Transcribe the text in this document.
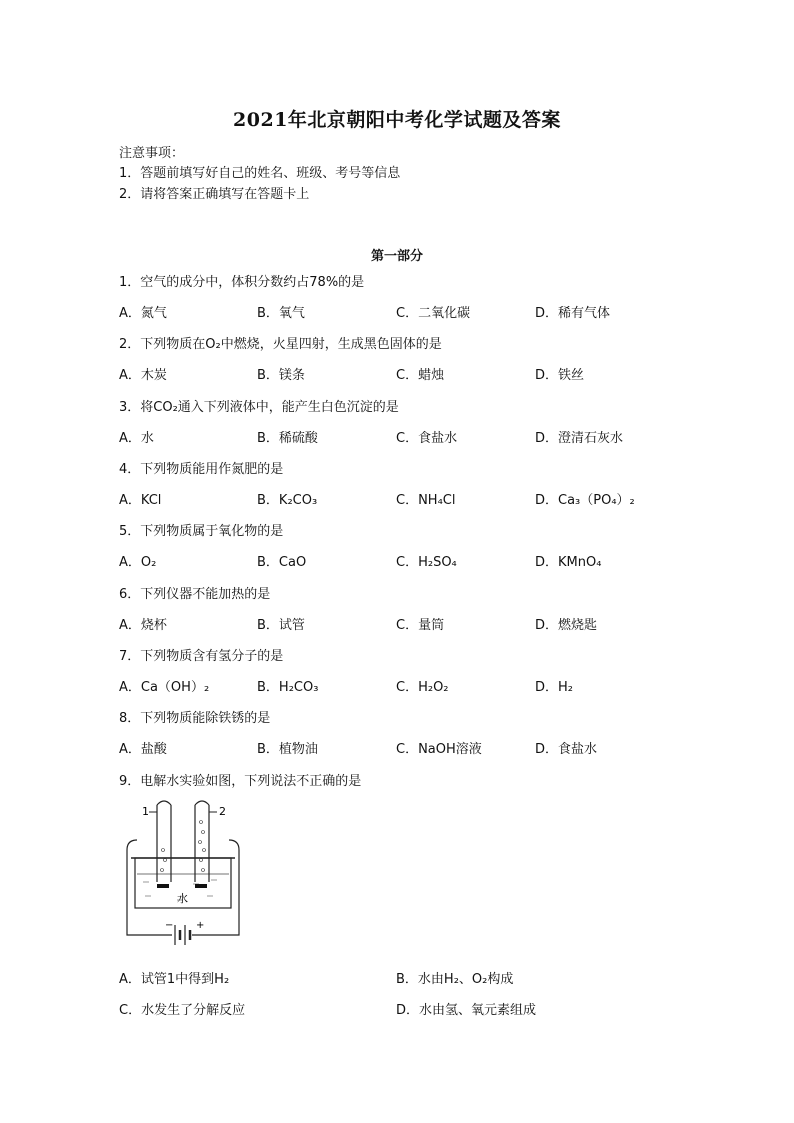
2021年北京朝阳中考化学试题及答案
注意事项：
1．答题前填写好自己的姓名、班级、考号等信息
2．请将答案正确填写在答题卡上
第一部分
1．空气的成分中，体积分数约占78%的是
A．氮气	B．氧气	C．二氧化碳	D．稀有气体
2．下列物质在O₂中燃烧，火星四射，生成黑色固体的是
A．木炭	B．镁条	C．蜡烛	D．铁丝
3．将CO₂通入下列液体中，能产生白色沉淀的是
A．水	B．稀硫酸	C．食盐水	D．澄清石灰水
4．下列物质能用作氮肥的是
A．KCl	B．K₂CO₃	C．NH₄Cl	D．Ca₃（PO₄）₂
5．下列物质属于氧化物的是
A．O₂	B．CaO	C．H₂SO₄	D．KMnO₄
6．下列仪器不能加热的是
A．烧杯	B．试管	C．量筒	D．燃烧匙
7．下列物质含有氢分子的是
A．Ca（OH）₂	B．H₂CO₃	C．H₂O₂	D．H₂
8．下列物质能除铁锈的是
A．盐酸	B．植物油	C．NaOH溶液	D．食盐水
9．电解水实验如图，下列说法不正确的是
1	2
水
− +
A．试管1中得到H₂	B．水由H₂、O₂构成
C．水发生了分解反应	D．水由氢、氧元素组成
